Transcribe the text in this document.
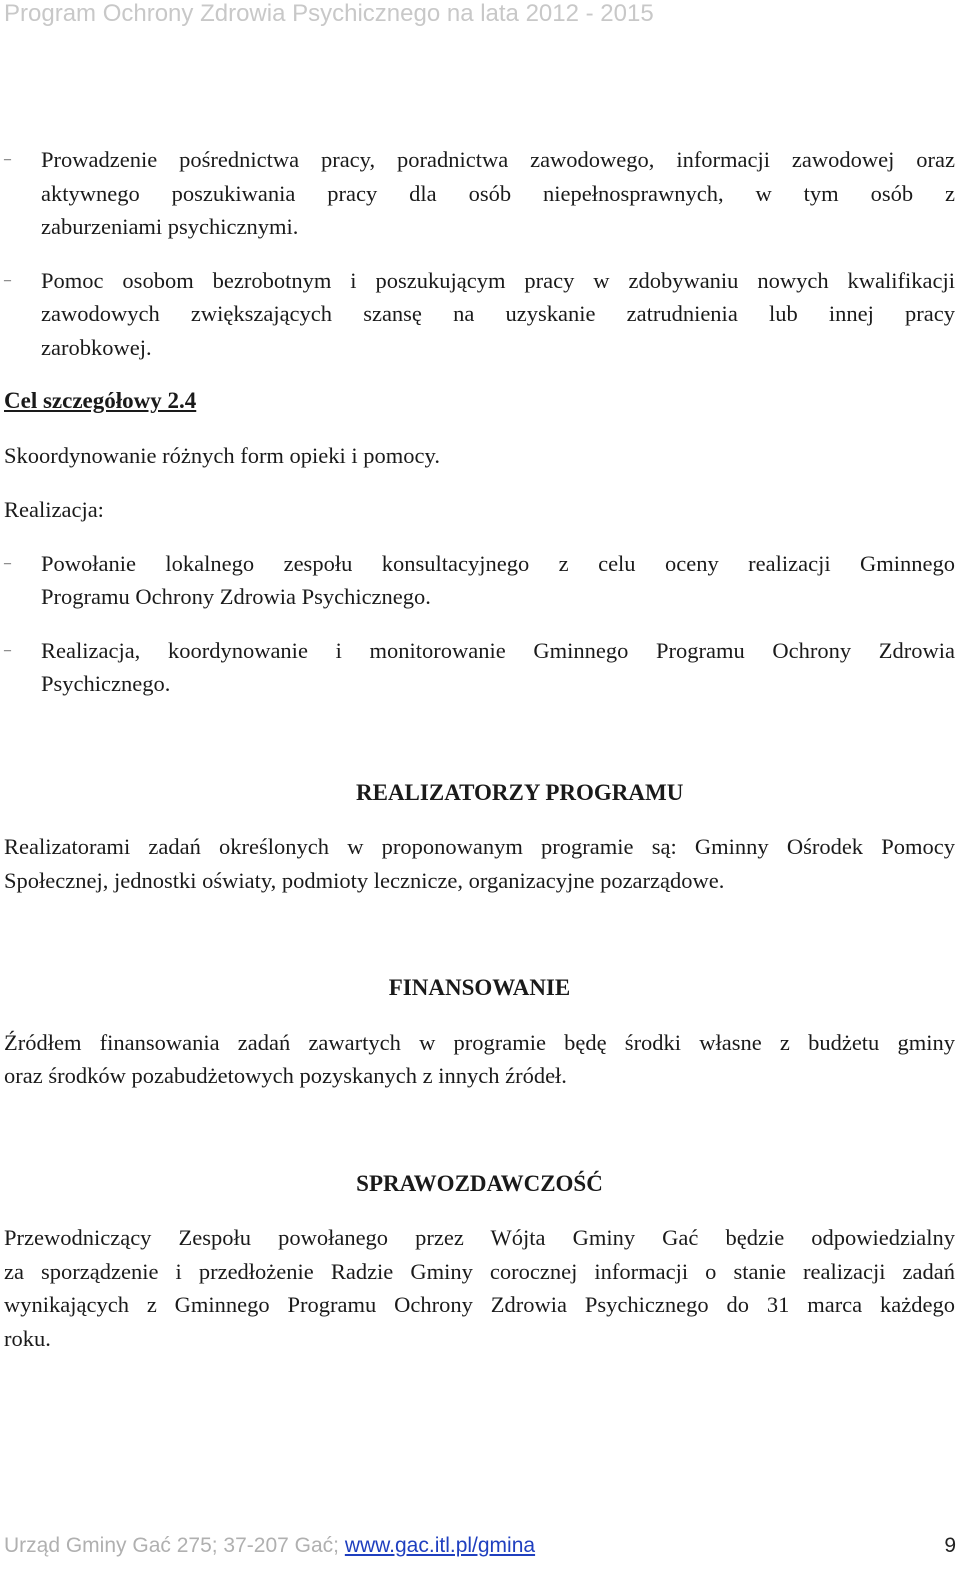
Program Ochrony Zdrowia Psychicznego na lata 2012 - 2015
–	Prowadzenie pośrednictwa pracy, poradnictwa zawodowego, informacji zawodowej oraz
aktywnego poszukiwania pracy dla osób niepełnosprawnych, w tym osób z
zaburzeniami psychicznymi.
–	Pomoc osobom bezrobotnym i poszukującym pracy w zdobywaniu nowych kwalifikacji
zawodowych zwiększających szansę na uzyskanie zatrudnienia lub innej pracy
zarobkowej.

Cel szczegółowy 2.4

Skoordynowanie różnych form opieki i pomocy.

Realizacja:

–	Powołanie lokalnego zespołu konsultacyjnego z celu oceny realizacji Gminnego
Programu Ochrony Zdrowia Psychicznego.
–	Realizacja, koordynowanie i monitorowanie Gminnego Programu Ochrony Zdrowia
Psychicznego.

REALIZATORZY PROGRAMU

Realizatorami zadań określonych w proponowanym programie są: Gminny Ośrodek Pomocy

Społecznej, jednostki oświaty, podmioty lecznicze, organizacyjne pozarządowe.

FINANSOWANIE

Źródłem finansowania zadań zawartych w programie będę środki własne z budżetu gminy

oraz środków pozabudżetowych pozyskanych z innych źródeł.

SPRAWOZDAWCZOŚĆ

Przewodniczący Zespołu powołanego przez Wójta Gminy Gać będzie odpowiedzialny

za sporządzenie i przedłożenie Radzie Gminy corocznej informacji o stanie realizacji zadań

wynikających z Gminnego Programu Ochrony Zdrowia Psychicznego do 31 marca każdego

roku.

Urząd Gminy Gać 275; 37-207 Gać; www.gac.itl.pl/gmina	9
